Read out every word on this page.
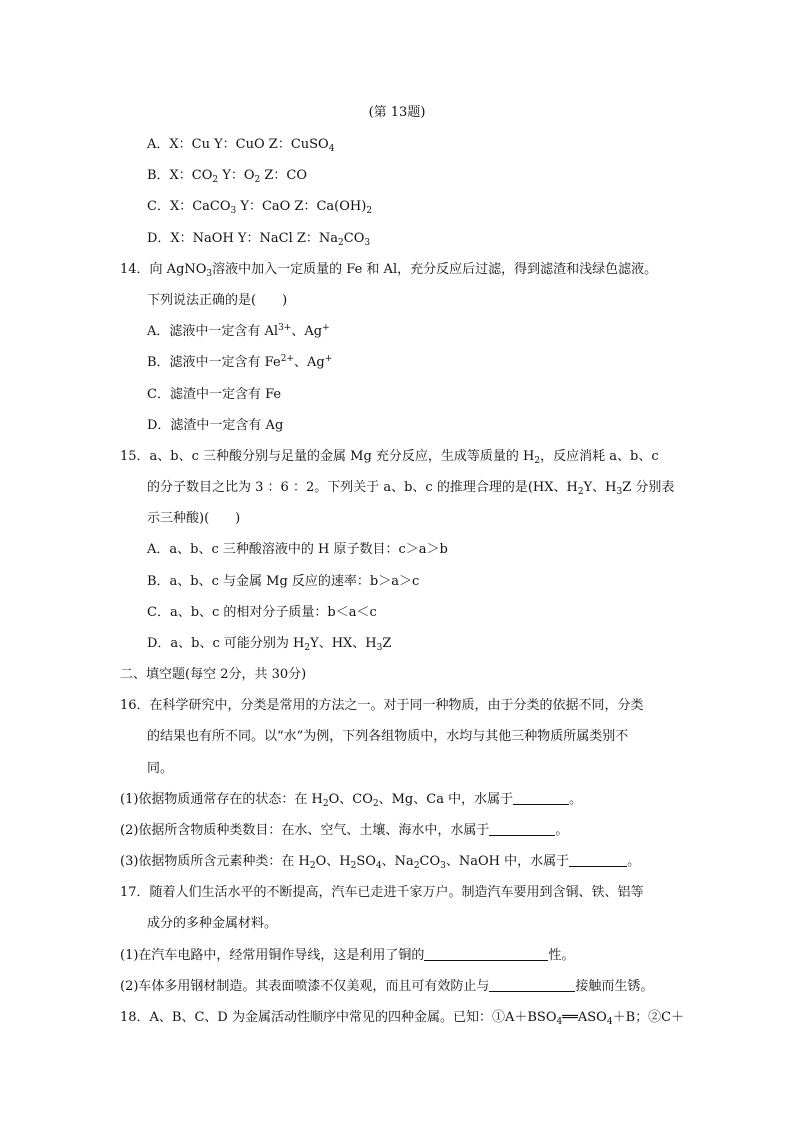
(第 13题)
A．X：Cu Y：CuO Z：CuSO$_4$
B．X：$CO_2$ Y：$O_2$ Z：CO
C．X：CaCO$_3$ Y：CaO Z：$Ca(OH)_2$
D．X：NaOH Y：NaCl Z：$Na_2CO_3$
14．向 AgNO$_3$溶液中加入一定质量的 Fe 和 Al，充分反应后过滤，得到滤渣和浅绿色滤液。
下列说法正确的是(　　)
A．滤液中一定含有 $Al^{3+}$、Ag+
B．滤液中一定含有 $Fe^{2+}$、Ag+
C．滤渣中一定含有 Fe
D．滤渣中一定含有 Ag
15．a、b、c 三种酸分别与足量的金属 Mg 充分反应，生成等质量的 $H_2$，反应消耗 a、b、c
的分子数目之比为 3 ：6 ：2。下列关于 a、b、c 的推理合理的是(HX、$H_2Y$、$H_3Z$ 分别表
示三种酸)(　　)
A．a、b、c 三种酸溶液中的 H 原子数目：c＞a＞b
B．a、b、c 与金属 Mg 反应的速率：b＞a＞c
C．a、b、c 的相对分子质量：b＜a＜c
D．a、b、c 可能分别为 $H_2Y$、HX、$H_3Z$
二、填空题(每空 2分，共 30分)
16．在科学研究中，分类是常用的方法之一。对于同一种物质，由于分类的依据不同，分类
的结果也有所不同。以“水”为例，下列各组物质中，水均与其他三种物质所属类别不
同。
(1)依据物质通常存在的状态：在 $H_2O$、$CO_2$、Mg、Ca 中，水属于	。
(2)依据所含物质种类数目：在水、空气、土壤、海水中，水属于	。
(3)依据物质所含元素种类：在 $H_2O$、$H_2SO_4$、$Na_2CO_3$、NaOH 中，水属于	。
17．随着人们生活水平的不断提高，汽车已走进千家万户。制造汽车要用到含铜、铁、铝等
成分的多种金属材料。
(1)在汽车电路中，经常用铜作导线，这是利用了铜的	性。
(2)车体多用钢材制造。其表面喷漆不仅美观，而且可有效防止与	接触而生锈。
18．A、B、C、D 为金属活动性顺序中常见的四种金属。已知：$①A+BSO_4══ASO_4+B$；②C＋
